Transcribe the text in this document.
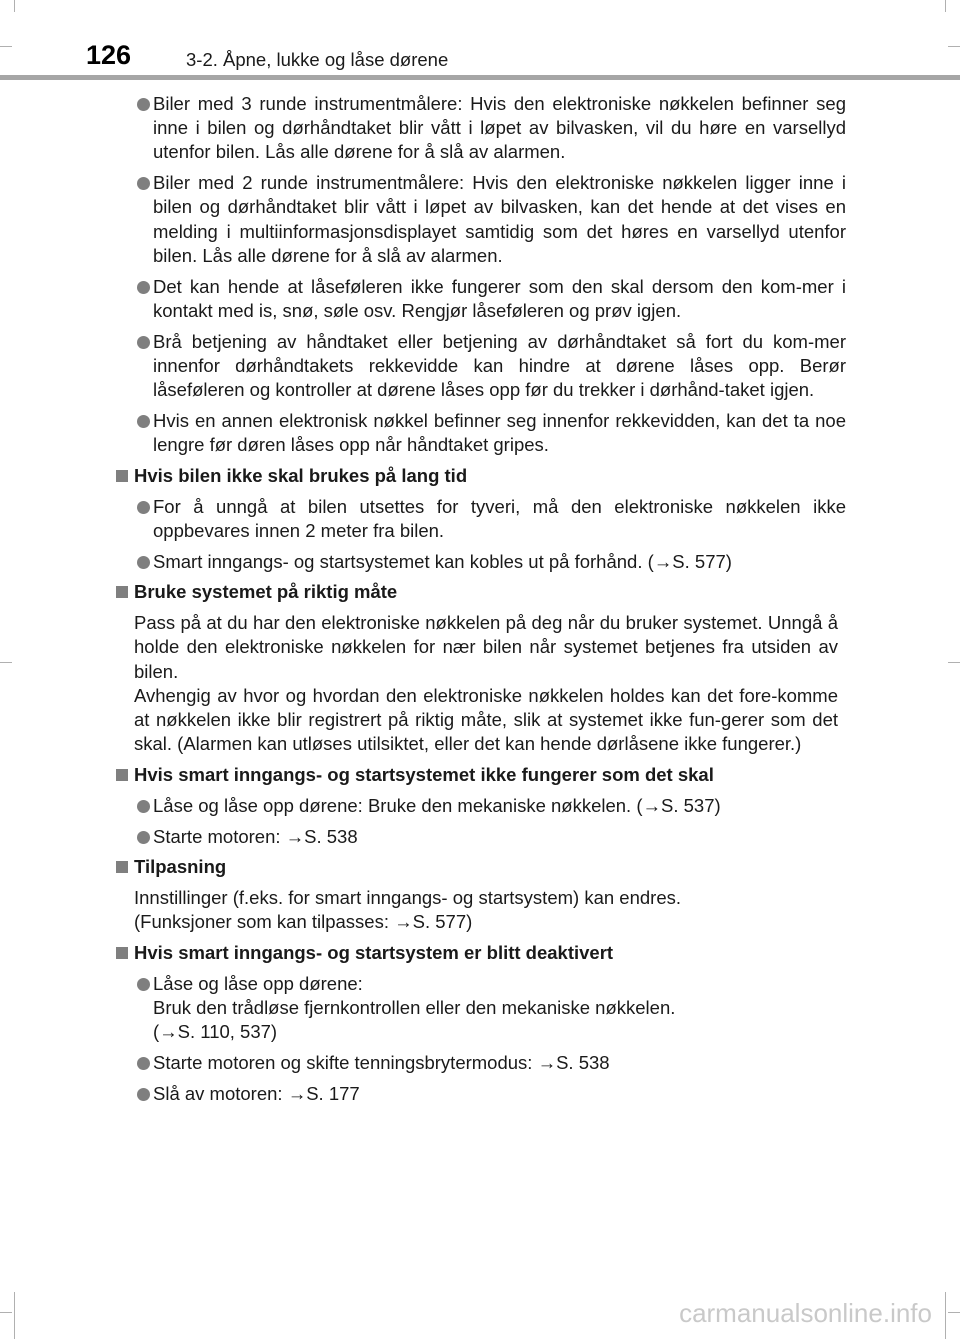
126	3-2. Åpne, lukke og låse dørene
Biler med 3 runde instrumentmålere: Hvis den elektroniske nøkkelen befinner seg inne i bilen og dørhåndtaket blir vått i løpet av bilvasken, vil du høre en varsellyd utenfor bilen. Lås alle dørene for å slå av alarmen.
Biler med 2 runde instrumentmålere: Hvis den elektroniske nøkkelen ligger inne i bilen og dørhåndtaket blir vått i løpet av bilvasken, kan det hende at det vises en melding i multiinformasjonsdisplayet samtidig som det høres en varsellyd utenfor bilen. Lås alle dørene for å slå av alarmen.
Det kan hende at låseføleren ikke fungerer som den skal dersom den kom-mer i kontakt med is, snø, søle osv. Rengjør låseføleren og prøv igjen.
Brå betjening av håndtaket eller betjening av dørhåndtaket så fort du kom-mer innenfor dørhåndtakets rekkevidde kan hindre at dørene låses opp. Berør låseføleren og kontroller at dørene låses opp før du trekker i dørhånd-taket igjen.
Hvis en annen elektronisk nøkkel befinner seg innenfor rekkevidden, kan det ta noe lengre før døren låses opp når håndtaket gripes.
Hvis bilen ikke skal brukes på lang tid
For å unngå at bilen utsettes for tyveri, må den elektroniske nøkkelen ikke oppbevares innen 2 meter fra bilen.
Smart inngangs- og startsystemet kan kobles ut på forhånd. (→S. 577)
Bruke systemet på riktig måte
Pass på at du har den elektroniske nøkkelen på deg når du bruker systemet. Unngå å holde den elektroniske nøkkelen for nær bilen når systemet betjenes fra utsiden av bilen.
Avhengig av hvor og hvordan den elektroniske nøkkelen holdes kan det fore-komme at nøkkelen ikke blir registrert på riktig måte, slik at systemet ikke fun-gerer som det skal. (Alarmen kan utløses utilsiktet, eller det kan hende dørlåsene ikke fungerer.)
Hvis smart inngangs- og startsystemet ikke fungerer som det skal
Låse og låse opp dørene: Bruke den mekaniske nøkkelen. (→S. 537)
Starte motoren: →S. 538
Tilpasning
Innstillinger (f.eks. for smart inngangs- og startsystem) kan endres.
(Funksjoner som kan tilpasses: →S. 577)
Hvis smart inngangs- og startsystem er blitt deaktivert
Låse og låse opp dørene:
Bruk den trådløse fjernkontrollen eller den mekaniske nøkkelen.
(→S. 110, 537)
Starte motoren og skifte tenningsbrytermodus: →S. 538
Slå av motoren: →S. 177
carmanualsonline.info
